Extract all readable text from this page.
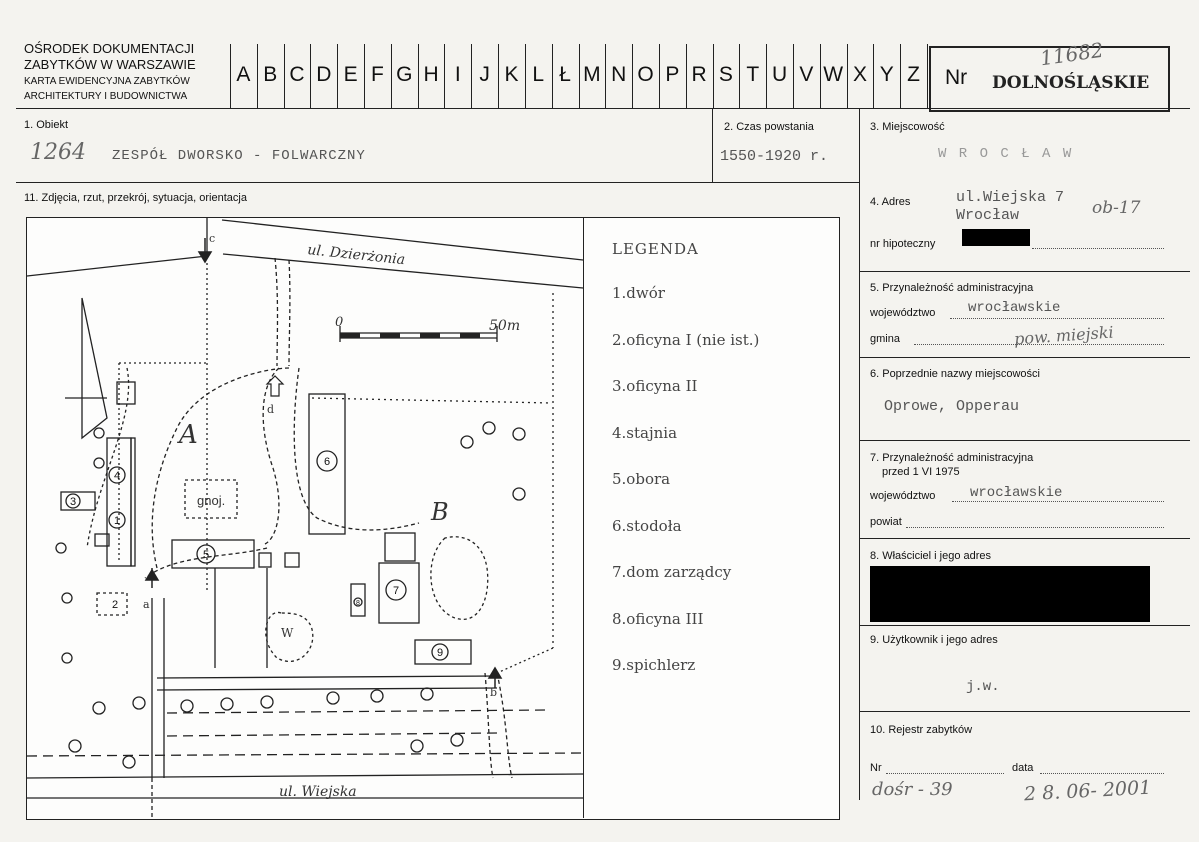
OŚRODEK DOKUMENTACJI
ZABYTKÓW W WARSZAWIE
KARTA EWIDENCYJNA ZABYTKÓW
ARCHITEKTURY I BUDOWNICTWA
A B C D E F G H I J K L Ł M N O P R S T U V W X Y Z	Nr
11682
DOLNOŚLĄSKIE
1. Obiekt
1264 ZESPÓŁ DWORSKO - FOLWARCZNY
2. Czas powstania
1550-1920 r.
3. Miejscowość
W R O C Ł A W
4. Adres	ul.Wiejska 7
Wrocław	ob-17
nr hipoteczny
5. Przynależność administracyjna
województwo wrocławskie
gmina	pow. miejski
6. Poprzednie nazwy miejscowości
Oprowe, Opperau
7. Przynależność administracyjna
przed 1 VI 1975
województwo wrocławskie
powiat
8. Właściciel i jego adres
9. Użytkownik i jego adres
j.w.
10. Rejestr zabytków
Nr	data
dośr - 39	2 8. 06- 2001
11. Zdjęcia, rzut, przekrój, sytuacja, orientacja
ul. Dzierżonia
ul. Wiejska
0	50m
A
B
gnoj.
W
a
b
c
d
1
2
3
4
5
6
7
8
9
LEGENDA
1.dwór
2.oficyna I (nie ist.)
3.oficyna II
4.stajnia
5.obora
6.stodoła
7.dom zarządcy
8.oficyna III
9.spichlerz
